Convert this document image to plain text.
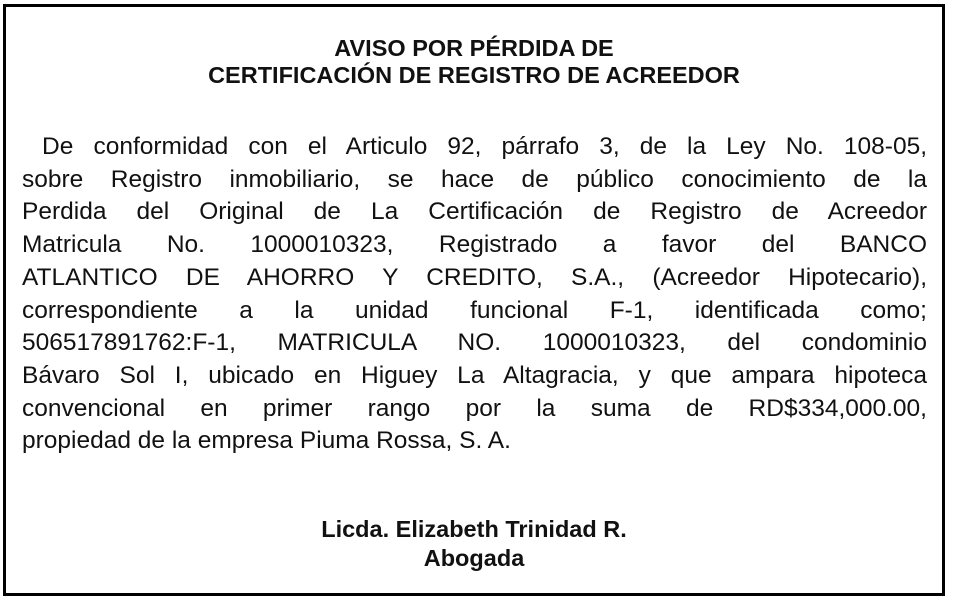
AVISO POR PÉRDIDA DE
CERTIFICACIÓN DE REGISTRO DE ACREEDOR
De conformidad con el Articulo 92, párrafo 3, de la Ley No. 108-05,
sobre Registro inmobiliario, se hace de público conocimiento de la
Perdida del Original de La Certificación de Registro de Acreedor
Matricula No. 1000010323, Registrado a favor del BANCO
ATLANTICO DE AHORRO Y CREDITO, S.A., (Acreedor Hipotecario),
correspondiente a la unidad funcional F-1, identificada como;
506517891762:F-1, MATRICULA NO. 1000010323, del condominio
Bávaro Sol I, ubicado en Higuey La Altagracia, y que ampara hipoteca
convencional en primer rango por la suma de RD$334,000.00,
propiedad de la empresa Piuma Rossa, S. A.
Licda. Elizabeth Trinidad R.
Abogada
